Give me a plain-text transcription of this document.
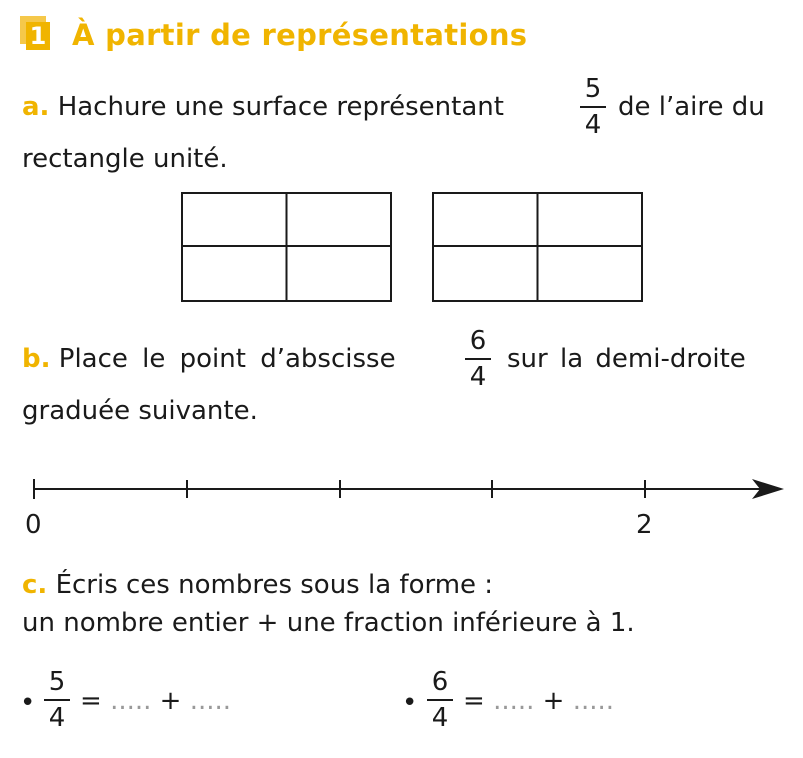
1 À partir de représentations
a. Hachure une surface représentant
5
4
de l’aire du
rectangle unité.
b. Place le point d’abscisse
6
4
sur la demi-droite
graduée suivante.
0	2
c. Écris ces nombres sous la forme :
un nombre entier + une fraction inférieure à 1.
•
5
4
= ..... + .....	•
6
4
= ..... + .....
